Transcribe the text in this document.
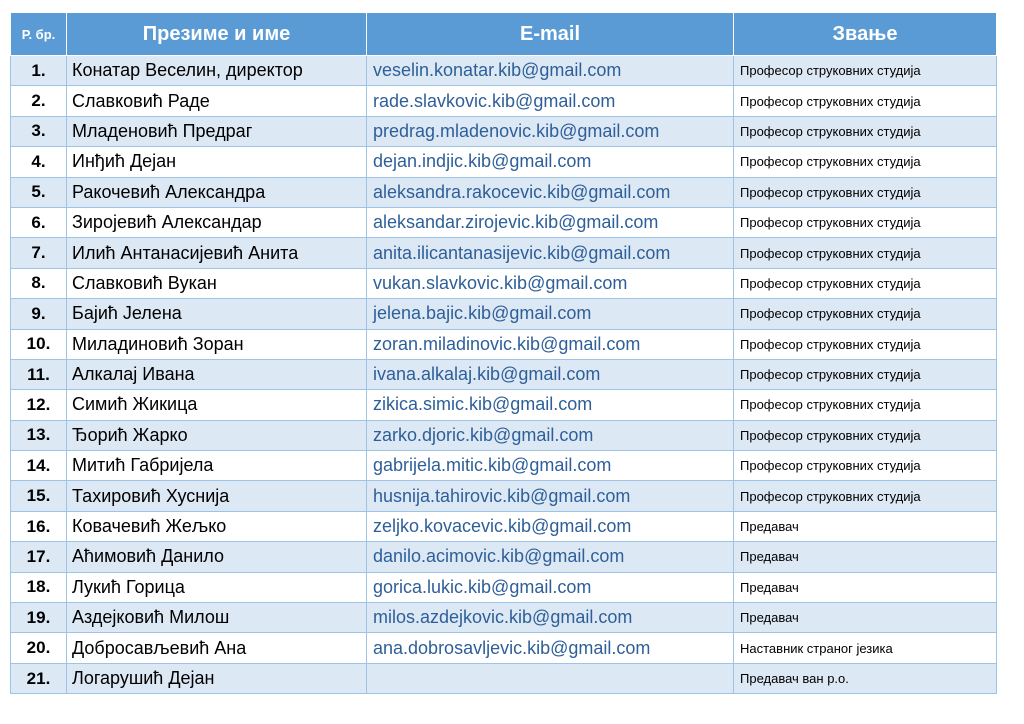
Р. бр.	Презиме и име	E-mail	Звање
1.	Конатар Веселин, директор	veselin.konatar.kib@gmail.com	Професор струковних студија
2.	Славковић Раде	rade.slavkovic.kib@gmail.com	Професор струковних студија
3.	Младеновић Предраг	predrag.mladenovic.kib@gmail.com	Професор струковних студија
4.	Инђић Дејан	dejan.indjic.kib@gmail.com	Професор струковних студија
5.	Ракочевић Александра	aleksandra.rakocevic.kib@gmail.com	Професор струковних студија
6.	Зиројевић Александар	aleksandar.zirojevic.kib@gmail.com	Професор струковних студија
7.	Илић Антанасијевић Анита	anita.ilicantanasijevic.kib@gmail.com	Професор струковних студија
8.	Славковић Вукан	vukan.slavkovic.kib@gmail.com	Професор струковних студија
9.	Бајић Јелена	jelena.bajic.kib@gmail.com	Професор струковних студија
10.	Миладиновић Зоран	zoran.miladinovic.kib@gmail.com	Професор струковних студија
11.	Алкалај Ивана	ivana.alkalaj.kib@gmail.com	Професор струковних студија
12.	Симић Жикица	zikica.simic.kib@gmail.com	Професор струковних студија
13.	Ђорић Жарко	zarko.djoric.kib@gmail.com	Професор струковних студија
14.	Митић Габријела	gabrijela.mitic.kib@gmail.com	Професор струковних студија
15.	Тахировић Хуснија	husnija.tahirovic.kib@gmail.com	Професор струковних студија
16.	Ковачевић Жељко	zeljko.kovacevic.kib@gmail.com	Предавач
17.	Аћимовић Данило	danilo.acimovic.kib@gmail.com	Предавач
18.	Лукић Горица	gorica.lukic.kib@gmail.com	Предавач
19.	Аздејковић Милош	milos.azdejkovic.kib@gmail.com	Предавач
20.	Добросављевић Ана	ana.dobrosavljevic.kib@gmail.com	Наставник страног језика
21.	Логарушић Дејан		Предавач ван р.о.
